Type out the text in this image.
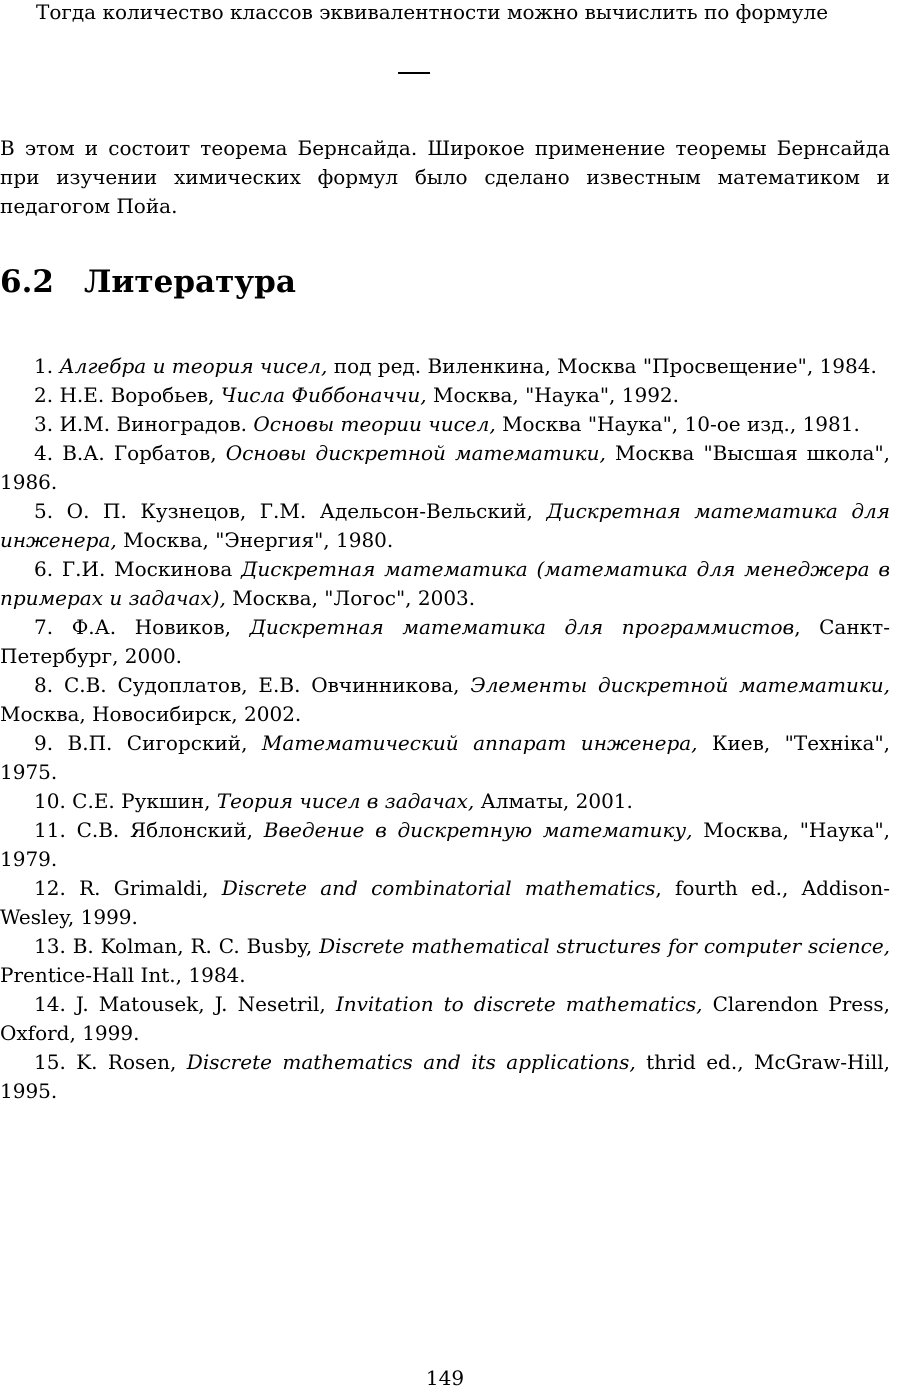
Тогда количество классов эквивалентности можно вычислить по формуле

В этом и состоит теорема Бернсайда. Широкое применение теоремы Бернсайда при изучении химических формул было сделано известным математиком и педагогом Пойа.

6.2 Литература

1. Алгебра и теория чисел, под ред. Виленкина, Москва "Просвещение", 1984.

2. Н.Е. Воробьев, Числа Фиббоначчи, Москва, "Наука", 1992.

3. И.М. Виноградов. Основы теории чисел, Москва "Наука", 10-ое изд., 1981.

4. В.А. Горбатов, Основы дискретной математики, Москва "Высшая школа", 1986.

5. О. П. Кузнецов, Г.М. Адельсон-Вельский, Дискретная математика для инженера, Москва, "Энергия", 1980.

6. Г.И. Москинова Дискретная математика (математика для менеджера в примерах и задачах), Москва, "Логос", 2003.

7. Ф.А. Новиков, Дискретная математика для программистов, Санкт-Петербург, 2000.

8. С.В. Судоплатов, Е.В. Овчинникова, Элементы дискретной математики, Москва, Новосибирск, 2002.

9. В.П. Сигорский, Математический аппарат инженера, Киев, "Технiка", 1975.

10. С.Е. Рукшин, Теория чисел в задачах, Алматы, 2001.

11. С.В. Яблонский, Введение в дискретную математику, Москва, "Наука", 1979.

12. R. Grimaldi, Discrete and combinatorial mathematics, fourth ed., Addison-Wesley, 1999.

13. B. Kolman, R. C. Busby, Discrete mathematical structures for computer science, Prentice-Hall Int., 1984.

14. J. Matousek, J. Nesetril, Invitation to discrete mathematics, Clarendon Press, Oxford, 1999.

15. K. Rosen, Discrete mathematics and its applications, thrid ed., McGraw-Hill, 1995.

149
